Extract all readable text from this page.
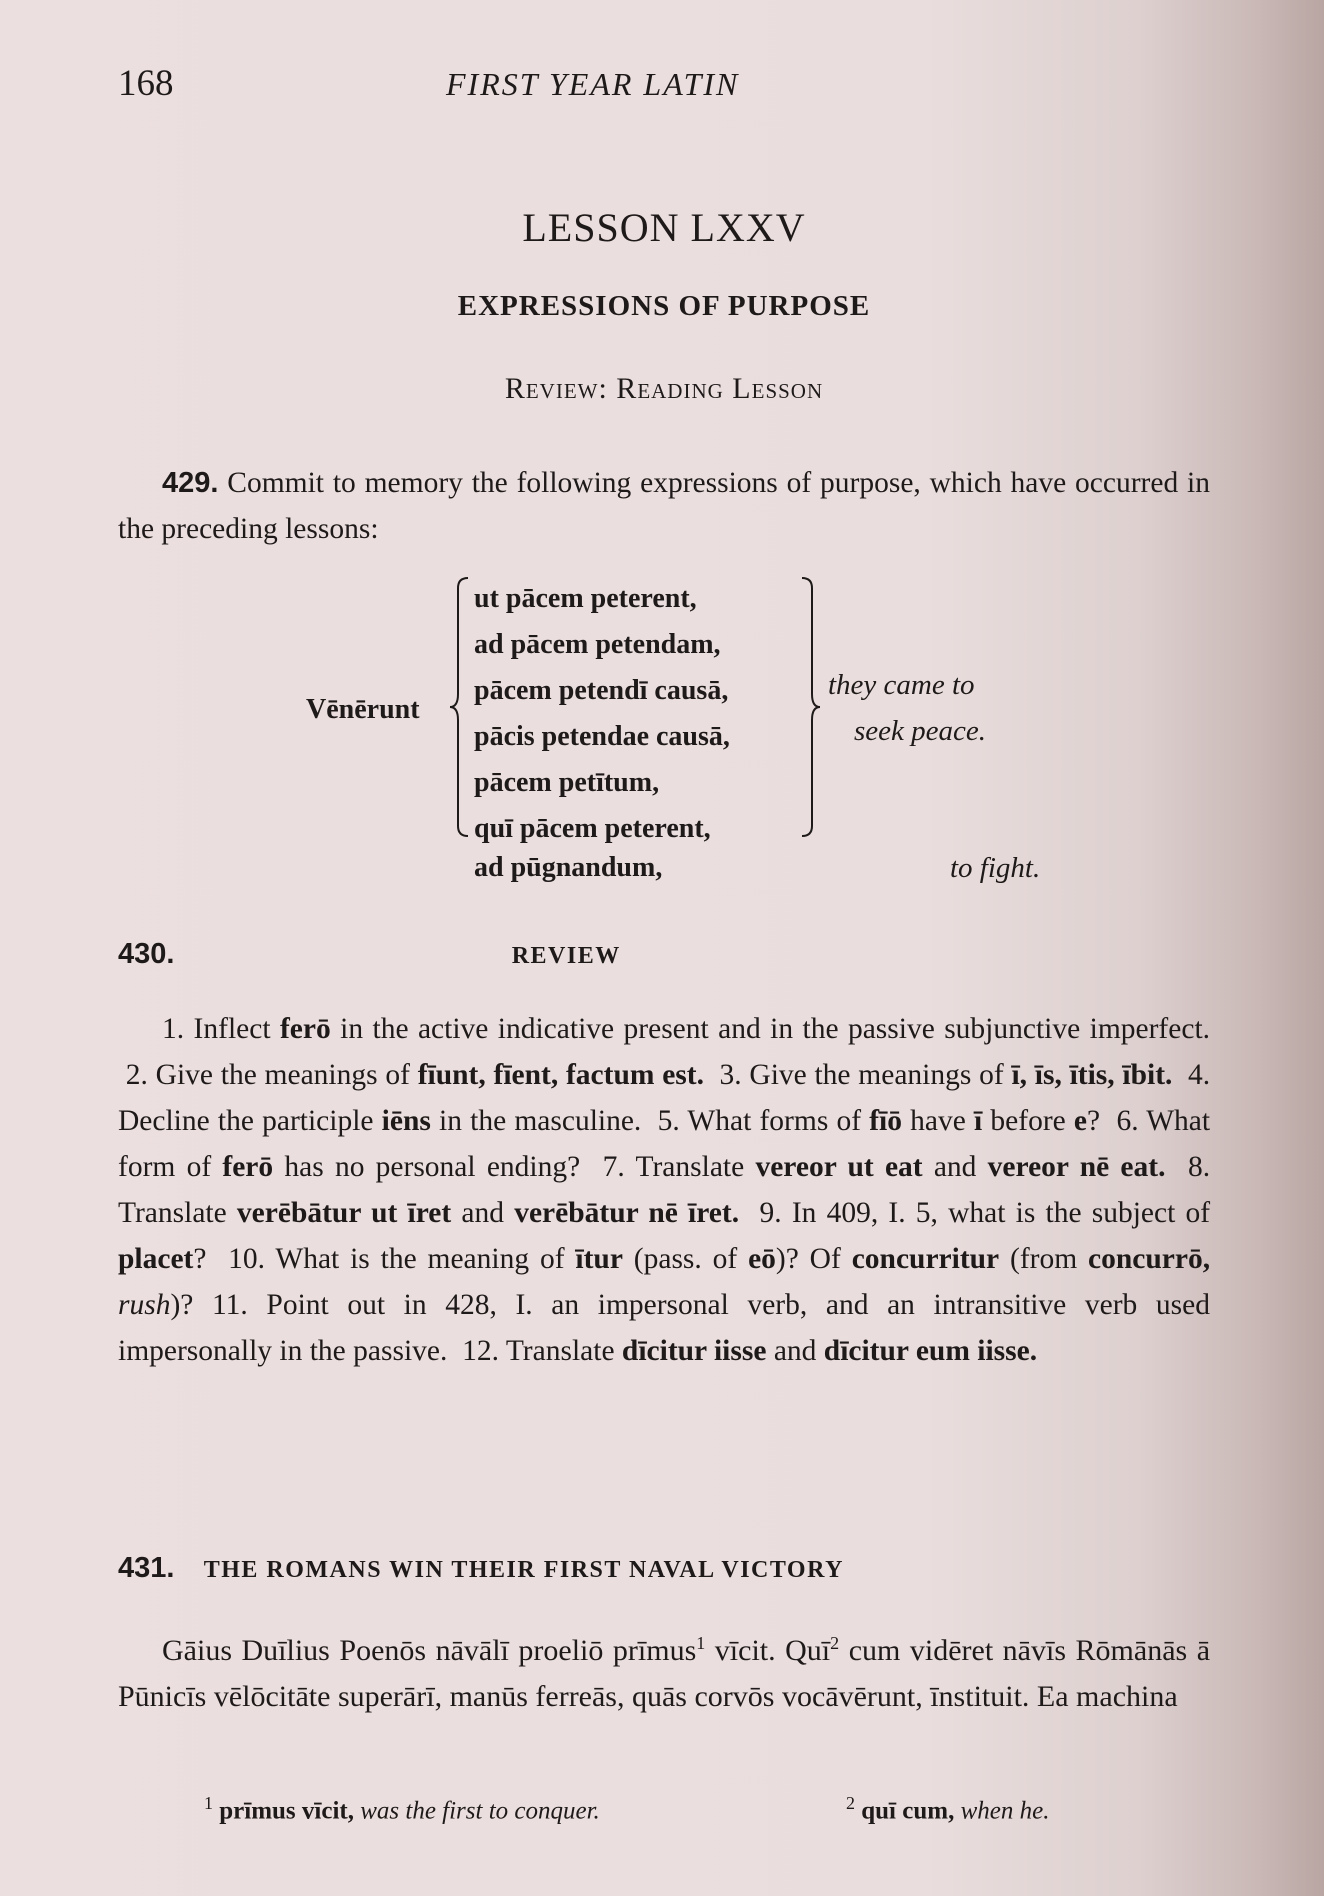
168	FIRST YEAR LATIN
LESSON LXXV
EXPRESSIONS OF PURPOSE
Review: Reading Lesson
429. Commit to memory the following expressions of purpose, which have occurred in the preceding lessons:
Vēnērunt
ut pācem peterent,
ad pācem petendam,
pācem petendī causā,
pācis petendae causā,
pācem petītum,
quī pācem peterent,
they came to
seek peace.
ad pūgnandum,	to fight.
430.	REVIEW
1. Inflect ferō in the active indicative present and in the passive subjunctive imperfect.  2. Give the meanings of fīunt, fīent, factum est. 3. Give the meanings of ī, īs, ītis, ībit. 4. Decline the participle iēns in the masculine. 5. What forms of fīō have ī before e? 6. What form of ferō has no personal ending? 7. Translate vereor ut eat and vereor nē eat. 8. Translate verēbātur ut īret and verēbātur nē īret. 9. In 409, I. 5, what is the subject of placet? 10. What is the meaning of ītur (pass. of eō)? Of concurritur (from concurrō, rush)? 11. Point out in 428, I. an impersonal verb, and an intransitive verb used impersonally in the passive. 12. Translate dīcitur iisse and dīcitur eum iisse.
431. THE ROMANS WIN THEIR FIRST NAVAL VICTORY
Gāius Duīlius Poenōs nāvālī proeliō prīmus$^1$ vīcit. Quī$^2$ cum vidēret nāvīs Rōmānās ā Pūnicīs vēlōcitāte superārī, manūs ferreās, quās corvōs vocāvērunt, īnstituit. Ea machina
$^1$ prīmus vīcit, was the first to conquer.	$^2$ quī cum, when he.
